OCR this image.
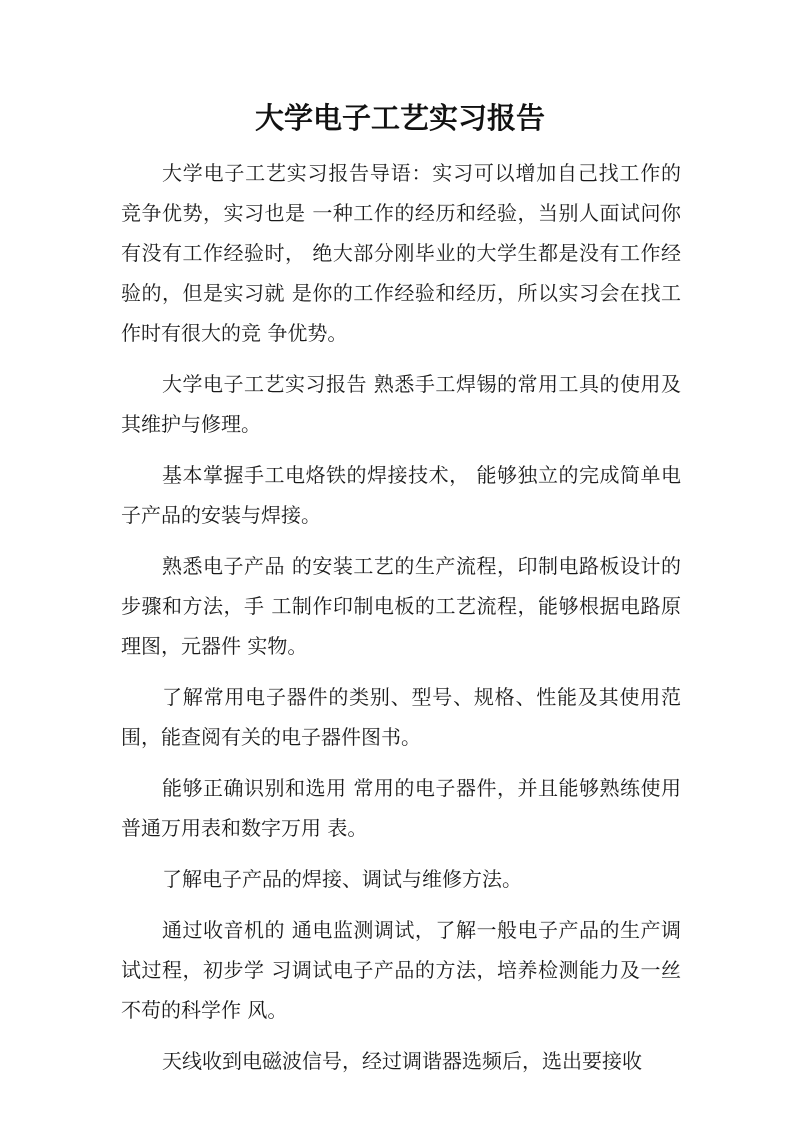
大学电子工艺实习报告

大学电子工艺实习报告导语：实习可以增加自己找工作的竞争优势，实习也是 一种工作的经历和经验，当别人面试问你有没有工作经验时， 绝大部分刚毕业的大学生都是没有工作经验的，但是实习就 是你的工作经验和经历，所以实习会在找工作时有很大的竞 争优势。

大学电子工艺实习报告 熟悉手工焊锡的常用工具的使用及其维护与修理。

基本掌握手工电烙铁的焊接技术， 能够独立的完成简单电子产品的安装与焊接。

熟悉电子产品 的安装工艺的生产流程，印制电路板设计的步骤和方法，手 工制作印制电板的工艺流程，能够根据电路原理图，元器件 实物。

了解常用电子器件的类别、型号、规格、性能及其使用范围，能查阅有关的电子器件图书。

能够正确识别和选用 常用的电子器件，并且能够熟练使用普通万用表和数字万用 表。

了解电子产品的焊接、调试与维修方法。

通过收音机的 通电监测调试，了解一般电子产品的生产调试过程，初步学 习调试电子产品的方法，培养检测能力及一丝不苟的科学作 风。

天线收到电磁波信号，经过调谐器选频后，选出要接收
